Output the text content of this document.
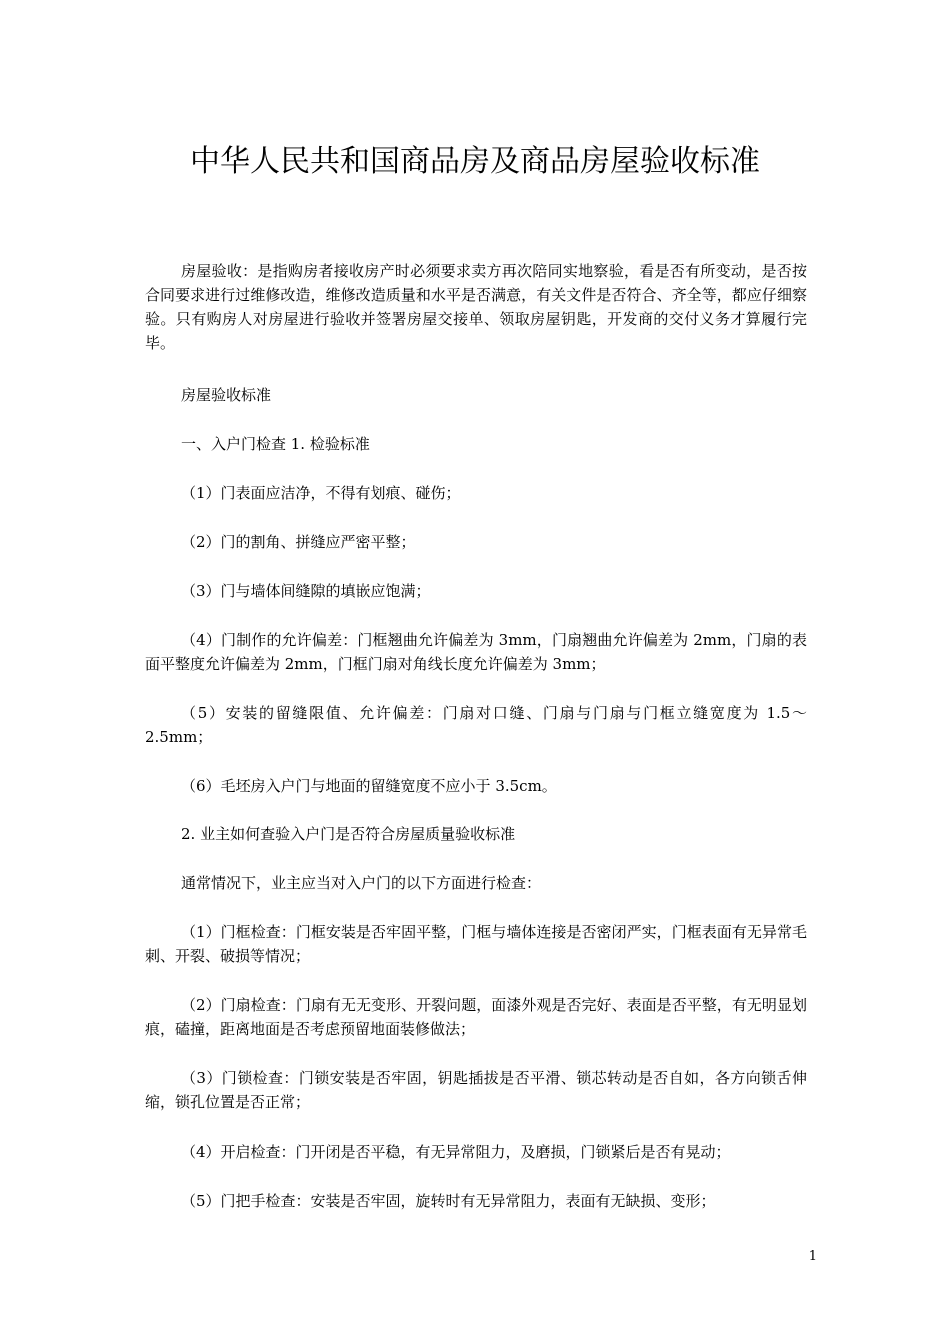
中华人民共和国商品房及商品房屋验收标准

房屋验收：是指购房者接收房产时必须要求卖方再次陪同实地察验，看是否有所变动，是否按合同要求进行过维修改造，维修改造质量和水平是否满意，有关文件是否符合、齐全等，都应仔细察验。只有购房人对房屋进行验收并签署房屋交接单、领取房屋钥匙，开发商的交付义务才算履行完毕。

房屋验收标准

一、入户门检查 1. 检验标准

（1）门表面应洁净，不得有划痕、碰伤；

（2）门的割角、拼缝应严密平整；

（3）门与墙体间缝隙的填嵌应饱满；

（4）门制作的允许偏差：门框翘曲允许偏差为 3mm，门扇翘曲允许偏差为 2mm，门扇的表面平整度允许偏差为 2mm，门框门扇对角线长度允许偏差为 3mm；

（5）安装的留缝限值、允许偏差：门扇对口缝、门扇与门扇与门框立缝宽度为 1.5～2.5mm；

（6）毛坯房入户门与地面的留缝宽度不应小于 3.5cm。

2. 业主如何查验入户门是否符合房屋质量验收标准

通常情况下，业主应当对入户门的以下方面进行检查：

（1）门框检查：门框安装是否牢固平整，门框与墙体连接是否密闭严实，门框表面有无异常毛刺、开裂、破损等情况；

（2）门扇检查：门扇有无无变形、开裂问题，面漆外观是否完好、表面是否平整，有无明显划痕，磕撞，距离地面是否考虑预留地面装修做法；

（3）门锁检查：门锁安装是否牢固，钥匙插拔是否平滑、锁芯转动是否自如，各方向锁舌伸缩，锁孔位置是否正常；

（4）开启检查：门开闭是否平稳，有无异常阻力，及磨损，门锁紧后是否有晃动；

（5）门把手检查：安装是否牢固，旋转时有无异常阻力，表面有无缺损、变形；

1
